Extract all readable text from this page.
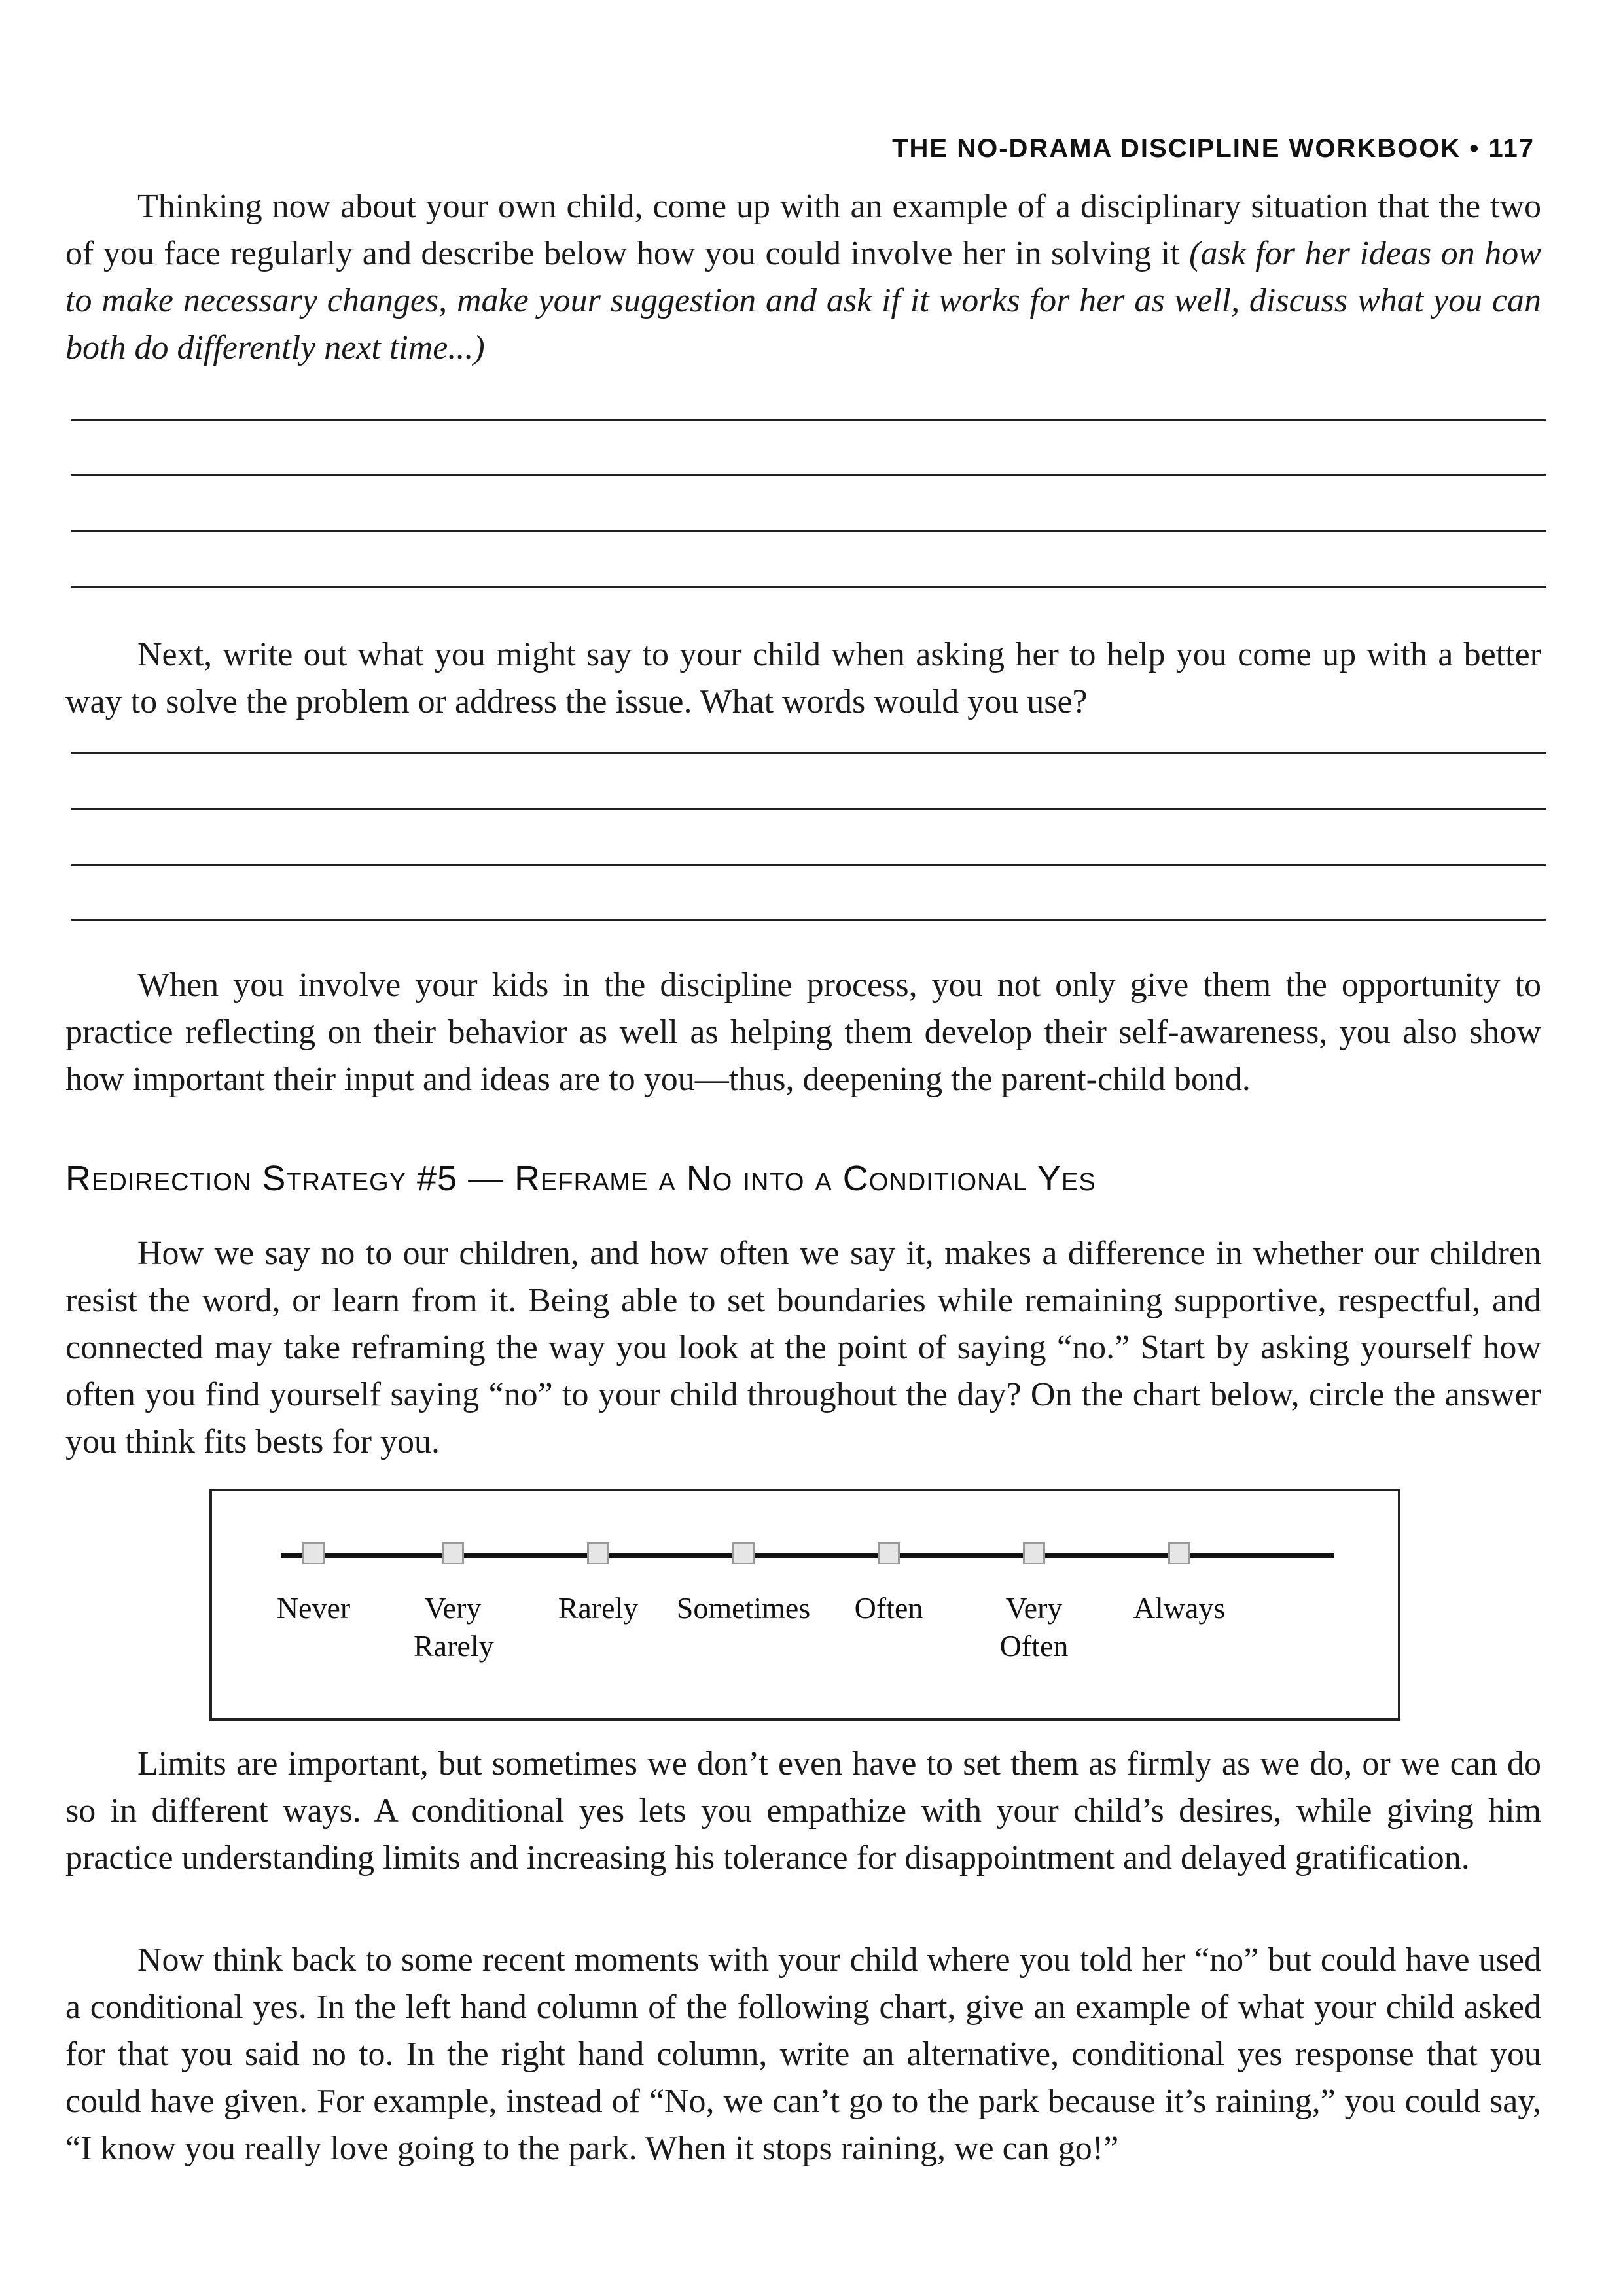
THE NO-DRAMA DISCIPLINE WORKBOOK • 117

Thinking now about your own child, come up with an example of a disciplinary situation that the two of you face regularly and describe below how you could involve her in solving it (ask for her ideas on how to make necessary changes, make your suggestion and ask if it works for her as well, discuss what you can both do differently next time...)

Next, write out what you might say to your child when asking her to help you come up with a better way to solve the problem or address the issue. What words would you use?

When you involve your kids in the discipline process, you not only give them the opportunity to practice reflecting on their behavior as well as helping them develop their self-awareness, you also show how important their input and ideas are to you—thus, deepening the parent-child bond.

Redirection Strategy #5 — Reframe a No into a Conditional Yes

How we say no to our children, and how often we say it, makes a difference in whether our children resist the word, or learn from it. Being able to set boundaries while remaining supportive, respectful, and connected may take reframing the way you look at the point of saying “no.” Start by asking yourself how often you find yourself saying “no” to your child throughout the day? On the chart below, circle the answer you think fits bests for you.

Never	Very Rarely
Rarely	Sometimes	Often	Very Often
Always

Limits are important, but sometimes we don’t even have to set them as firmly as we do, or we can do so in different ways. A conditional yes lets you empathize with your child’s desires, while giving him practice understanding limits and increasing his tolerance for disappointment and delayed gratification.

Now think back to some recent moments with your child where you told her “no” but could have used a conditional yes. In the left hand column of the following chart, give an example of what your child asked for that you said no to. In the right hand column, write an alternative, conditional yes response that you could have given. For example, instead of “No, we can’t go to the park because it’s raining,” you could say, “I know you really love going to the park. When it stops raining, we can go!”
